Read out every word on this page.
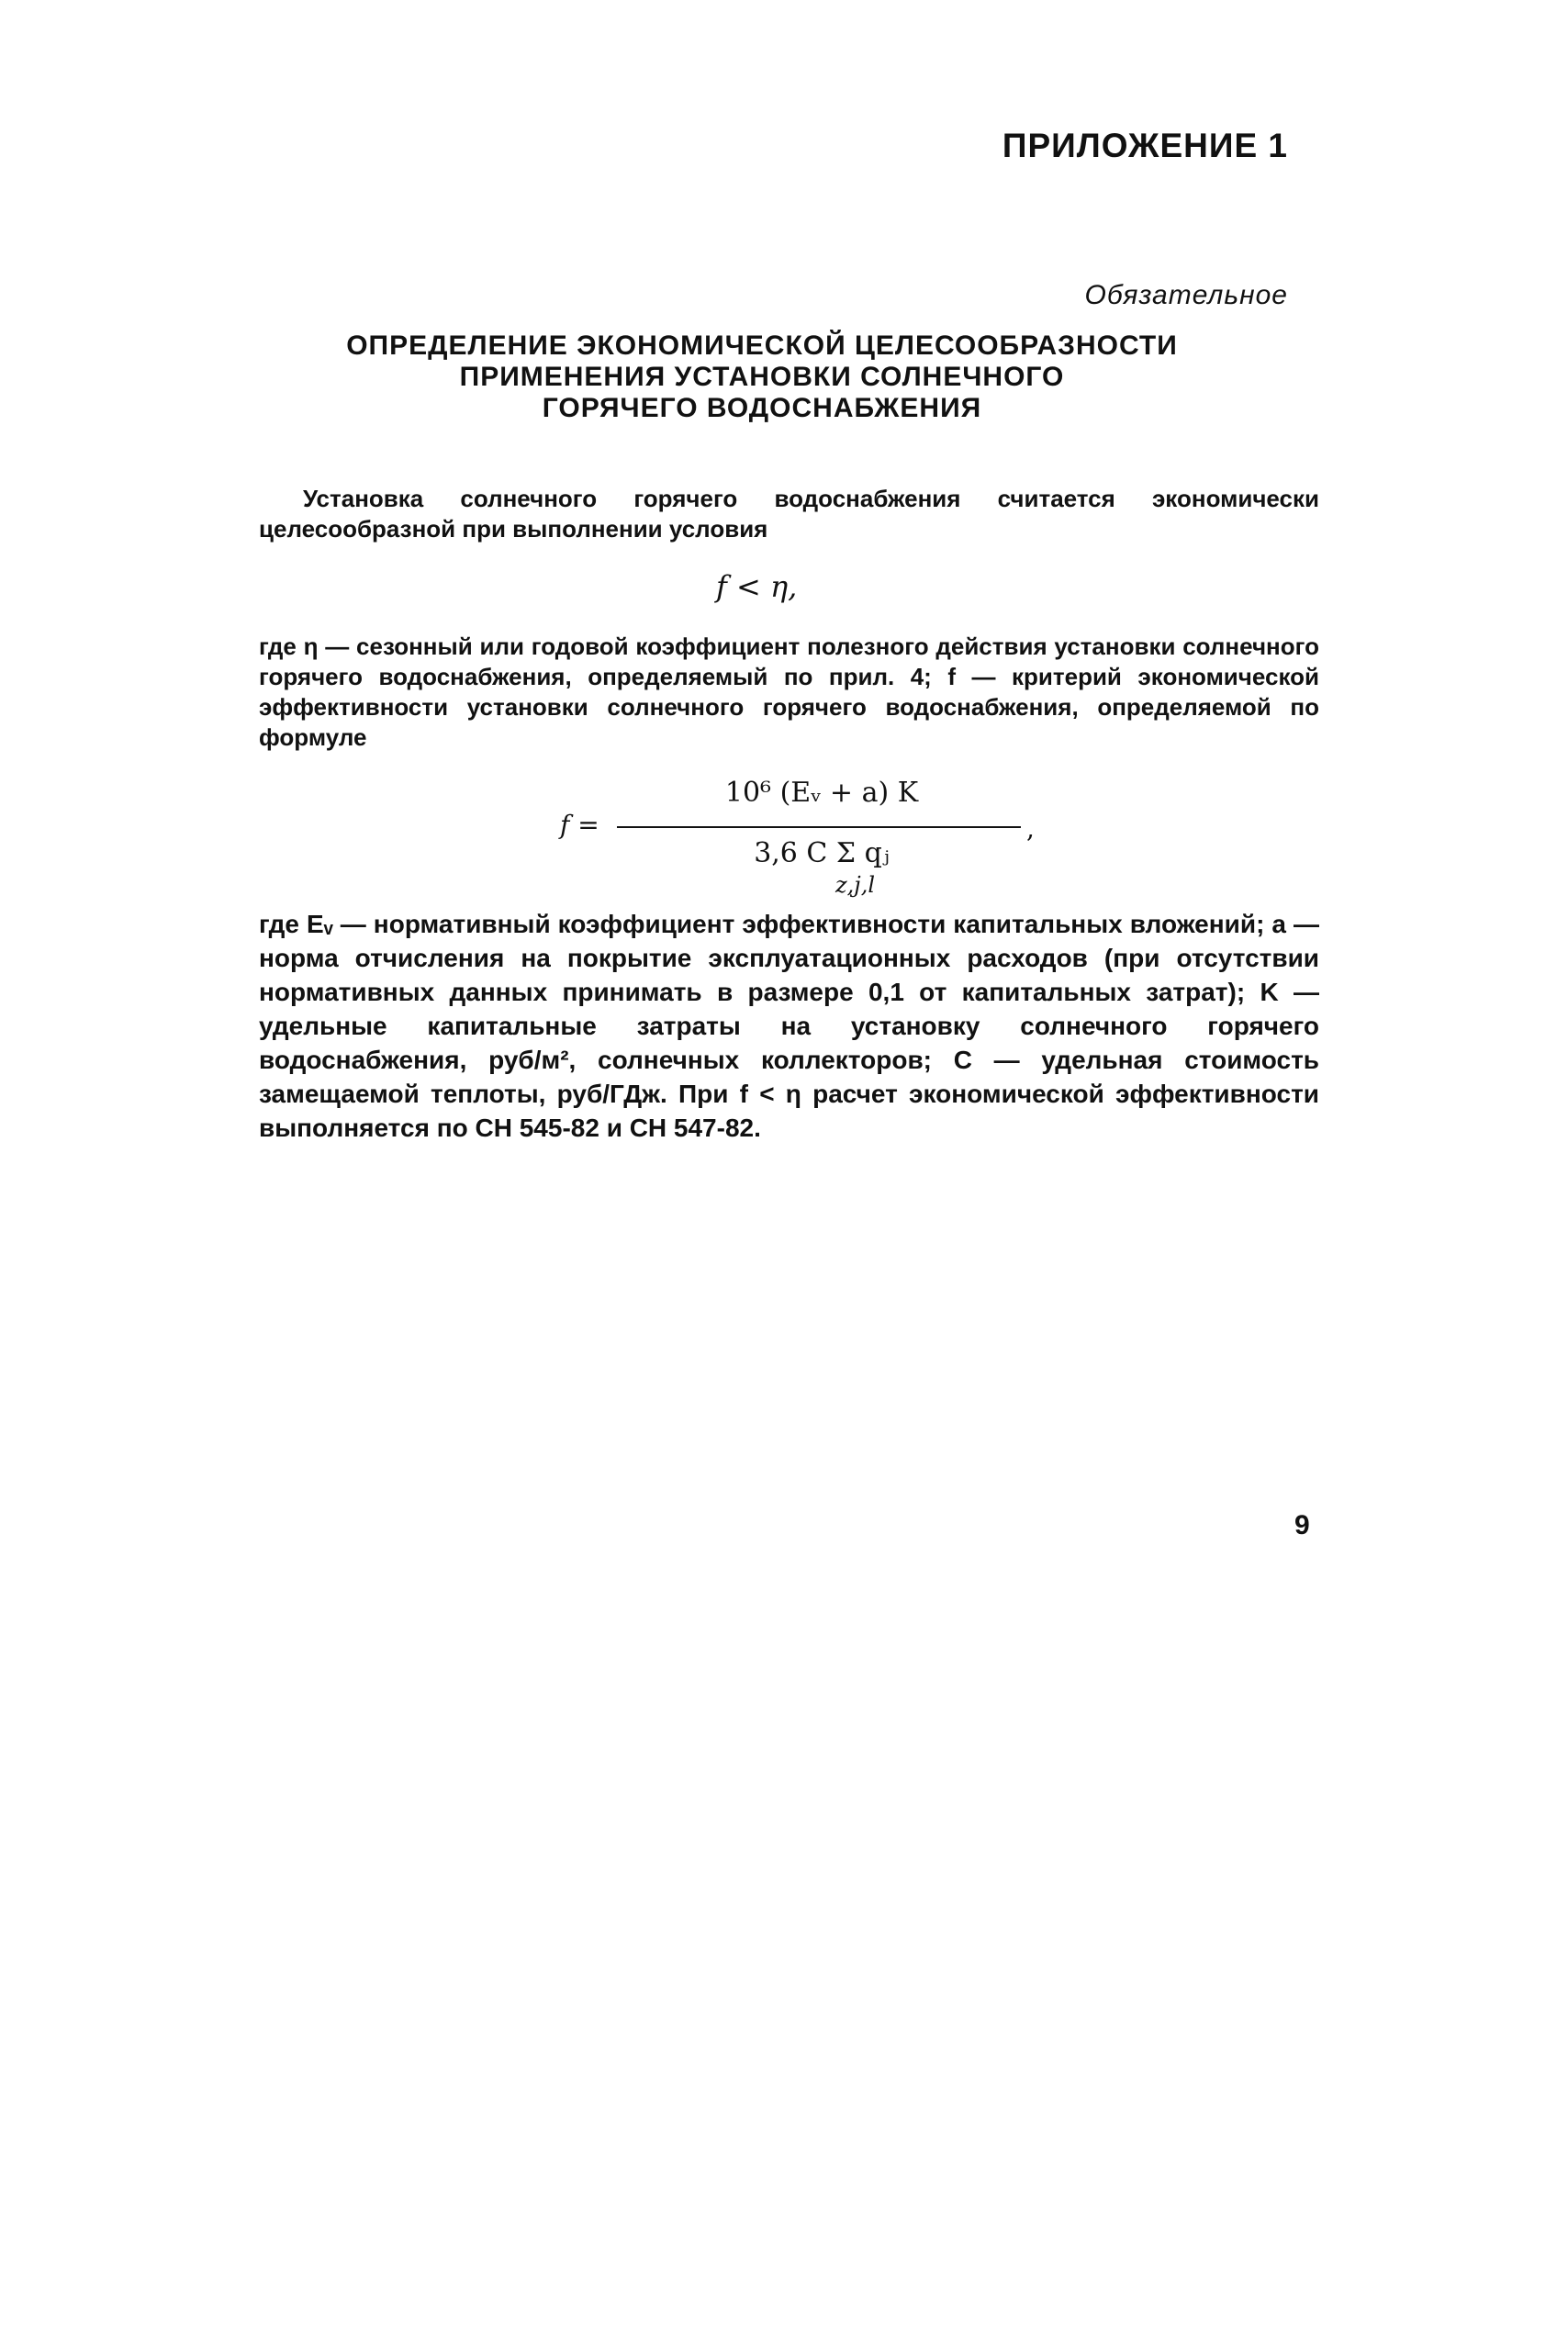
ПРИЛОЖЕНИЕ 1
Обязательное
ОПРЕДЕЛЕНИЕ ЭКОНОМИЧЕСКОЙ ЦЕЛЕСООБРАЗНОСТИ
ПРИМЕНЕНИЯ УСТАНОВКИ СОЛНЕЧНОГО
ГОРЯЧЕГО ВОДОСНАБЖЕНИЯ
Установка солнечного горячего водоснабжения считается экономически целесообразной при выполнении условия
f < η,
где η — сезонный или годовой коэффициент полезного действия установки солнечного горячего водоснабжения, определяемый по прил. 4; f — критерий экономической эффективности установки солнечного горячего водоснабжения, определяемой по формуле
f =
10⁶ (Eᵥ + a) K
3,6 C Σ qⱼ
z,j,l
,
где Eᵥ — нормативный коэффициент эффективности капитальных вложений; a — норма отчисления на покрытие эксплуатационных расходов (при отсутствии нормативных данных принимать в размере 0,1 от капитальных затрат); K — удельные капитальные затраты на установку солнечного горячего водоснабжения, руб/м², солнечных коллекторов; C — удельная стоимость замещаемой теплоты, руб/ГДж. При f < η расчет экономической эффективности выполняется по СН 545-82 и СН 547-82.
9
